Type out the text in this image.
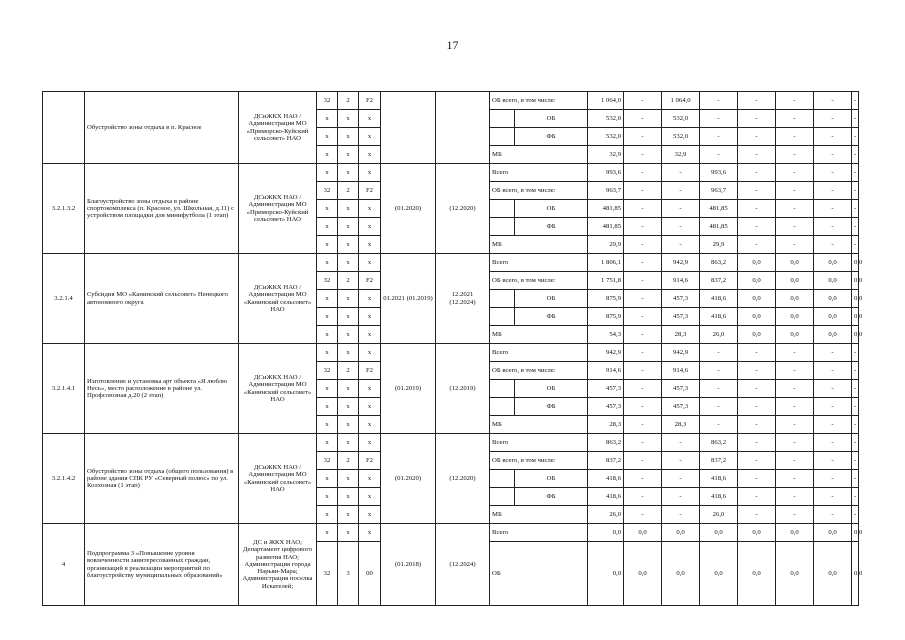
17
	Обустройство зоны отдыха в п. Красное	ДСиЖКХ НАО / Администрация МО «Приморско-Куйский сельсовет» НАО	32	2	F2			ОБ всего, в том числе:		1 064,0	-	1 064,0	-	-	-	-	-
			x	x	x				ОБ	532,0	-	532,0	-	-	-	-	-
			x	x	x				ФБ	532,0	-	532,0	-	-	-	-	-
			x	x	x			МБ		32,9	-	32,9	-	-	-	-	-
3.2.1.3.2	Благоустройство зоны отдыха в районе спортокомплекса (п. Красное, ул. Школьная, д.11) с устройством площадки для минифутбола (1 этап)	ДСиЖКХ НАО / Администрация МО «Приморско-Куйский сельсовет» НАО	x	x	x	(01.2020)	(12.2020)	Всего		993,6	-	-	993,6	-	-	-	-
			32	2	F2			ОБ всего, в том числе:		963,7	-	-	963,7	-	-	-	-
			x	x	x				ОБ	481,85	-	-	481,85	-	-	-	-
			x	x	x				ФБ	481,85	-	-	481,85	-	-	-	-
			x	x	x			МБ		29,9	-	-	29,9	-	-	-	-
3.2.1.4	Субсидия МО «Канинский сельсовет» Ненецкого автономного округа	ДСиЖКХ НАО / Администрация МО «Канинский сельсовет» НАО	x	x	x	01.2021 (01.2019)	12.2021 (12.2024)	Всего		1 806,1	-	942,9	863,2	0,0	0,0	0,0	0,0
			32	2	F2			ОБ всего, в том числе:		1 751,8	-	914,6	837,2	0,0	0,0	0,0	0,0
			x	x	x				ОБ	875,9	-	457,3	418,6	0,0	0,0	0,0	0,0
			x	x	x				ФБ	875,9	-	457,3	418,6	0,0	0,0	0,0	0,0
			x	x	x			МБ		54,3	-	28,3	26,0	0,0	0,0	0,0	0,0
3.2.1.4.1	Изготовление и установка арт объекта «Я люблю Несь», место расположение в районе ул. Профсоюзная д.20 (2 этап)	ДСиЖКХ НАО / Администрация МО «Канинский сельсовет» НАО	x	x	x	(01.2019)	(12.2019)	Всего		942,9	-	942,9	-	-	-	-	-
			32	2	F2			ОБ всего, в том числе:		914,6	-	914,6	-	-	-	-	-
			x	x	x				ОБ	457,3	-	457,3	-	-	-	-	-
			x	x	x				ФБ	457,3	-	457,3	-	-	-	-	-
			x	x	x			МБ		28,3	-	28,3	-	-	-	-	-
3.2.1.4.2	Обустройство зоны отдыха (общего пользования) в районе здания СПК РУ «Северный полюс» по ул. Колхозная (1 этап)	ДСиЖКХ НАО / Администрация МО «Канинский сельсовет» НАО	x	x	x	(01.2020)	(12.2020)	Всего		863,2	-	-	863,2	-	-	-	-
			32	2	F2			ОБ всего, в том числе:		837,2	-	-	837,2	-	-	-	-
			x	x	x				ОБ	418,6	-	-	418,6	-	-	-	-
			x	x	x				ФБ	418,6	-	-	418,6	-	-	-	-
			x	x	x			МБ		26,0	-	-	26,0	-	-	-	-
4	Подпрограмма 3 «Повышение уровня вовлеченности заинтересованных граждан, организаций в реализации мероприятий по благоустройству муниципальных образований»	ДС и ЖКХ НАО; Департамент цифрового развития НАО; Администрация города Нарьян-Мара; Администрация поселка Искателей;	x	x	x	(01.2018)	(12.2024)	Всего		0,0	0,0	0,0	0,0	0,0	0,0	0,0	0,0
			32	3	00			ОБ		0,0	0,0	0,0	0,0	0,0	0,0	0,0	0,0
